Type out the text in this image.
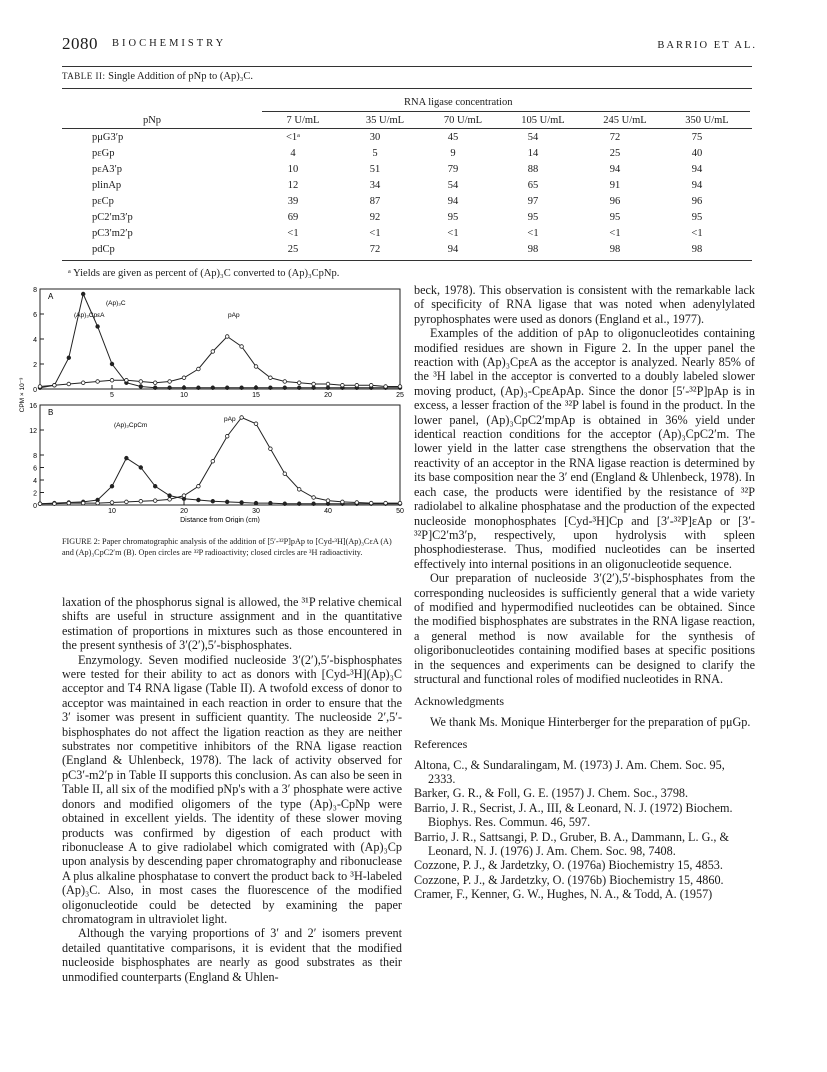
2080 BIOCHEMISTRY	BARRIO ET AL.
TABLE II: Single Addition of pNp to (Ap)₃C.
RNA ligase concentration
pNp	7 U/mL	35 U/mL	70 U/mL	105 U/mL	245 U/mL	350 U/mL
pμG3′p	<1ᵃ	30	45	54	72	75
pεGp	4	5	9	14	25	40
pεA3′p	10	51	79	88	94	94
plinAp	12	34	54	65	91	94
pεCp	39	87	94	97	96	96
pC2′m3′p	69	92	95	95	95	95
pC3′m2′p	<1	<1	<1	<1	<1	<1
pdCp	25	72	94	98	98	98
ᵃ Yields are given as percent of (Ap)₃C converted to (Ap)₃CpNp.
8
6
4
2
0
5	10	15	20	25
A
16
12
8
6
4
2
0
10	20	30	40	50
B
(Ap)₃C
(Ap)₃CpεA	pAp
(Ap)₃CpCm
pAp
CPM × 10⁻³
Distance from Origin (cm)
FIGURE 2: Paper chromatographic analysis of the addition of [5′-³²P]pAp to [Cyd-³H](Ap)₃CεA (A) and (Ap)₃CpC2′m (B). Open circles are ³²P radioactivity; closed circles are ³H radioactivity.

laxation of the phosphorus signal is allowed, the ³¹P relative chemical shifts are useful in structure assignment and in the quantitative estimation of proportions in mixtures such as those encountered in the present synthesis of 3′(2′),5′-bisphosphates.

Enzymology. Seven modified nucleoside 3′(2′),5′-bisphosphates were tested for their ability to act as donors with [Cyd-³H](Ap)₃C acceptor and T4 RNA ligase (Table II). A twofold excess of donor to acceptor was maintained in each reaction in order to ensure that the 3′ isomer was present in sufficient quantity. The nucleoside 2′,5′-bisphosphates do not affect the ligation reaction as they are neither substrates nor competitive inhibitors of the RNA ligase reaction (England & Uhlenbeck, 1978). The lack of activity observed for pC3′-m2′p in Table II supports this conclusion. As can also be seen in Table II, all six of the modified pNp's with a 3′ phosphate were active donors and modified oligomers of the type (Ap)₃-CpNp were obtained in excellent yields. The identity of these slower moving products was confirmed by digestion of each product with ribonuclease A to give radiolabel which comigrated with (Ap)₃Cp upon analysis by descending paper chromatography and ribonuclease A plus alkaline phosphatase to convert the product back to ³H-labeled (Ap)₃C. Also, in most cases the fluorescence of the modified oligonucleotide could be detected by examining the paper chromatogram in ultraviolet light.

Although the varying proportions of 3′ and 2′ isomers prevent detailed quantitative comparisons, it is evident that the modified nucleoside bisphosphates are nearly as good substrates as their unmodified counterparts (England & Uhlen-

beck, 1978). This observation is consistent with the remarkable lack of specificity of RNA ligase that was noted when adenylylated pyrophosphates were used as donors (England et al., 1977).

Examples of the addition of pAp to oligonucleotides containing modified residues are shown in Figure 2. In the upper panel the reaction with (Ap)₃CpεA as the acceptor is analyzed. Nearly 85% of the ³H label in the acceptor is converted to a doubly labeled slower moving product, (Ap)₃-CpεApAp. Since the donor [5′-³²P]pAp is in excess, a lesser fraction of the ³²P label is found in the product. In the lower panel, (Ap)₃CpC2′mpAp is obtained in 36% yield under identical reaction conditions for the acceptor (Ap)₃CpC2′m. The lower yield in the latter case strengthens the observation that the reactivity of an acceptor in the RNA ligase reaction is determined by its base composition near the 3′ end (England & Uhlenbeck, 1978). In each case, the products were identified by the resistance of ³²P radiolabel to alkaline phosphatase and the production of the expected nucleoside monophosphates [Cyd-³H]Cp and [3′-³²P]εAp or [3′-³²P]C2′m3′p, respectively, upon hydrolysis with spleen phosphodiesterase. Thus, modified nucleotides can be inserted effectively into internal positions in an oligonucleotide sequence.

Our preparation of nucleoside 3′(2′),5′-bisphosphates from the corresponding nucleosides is sufficiently general that a wide variety of modified and hypermodified nucleotides can be obtained. Since the modified bisphosphates are substrates in the RNA ligase reaction, a general method is now available for the synthesis of oligoribonucleotides containing modified bases at specific positions in the sequences and experiments can be designed to clarify the structural and functional roles of modified nucleotides in RNA.

Acknowledgments

We thank Ms. Monique Hinterberger for the preparation of pμGp.

References

Altona, C., & Sundaralingam, M. (1973) J. Am. Chem. Soc. 95, 2333.

Barker, G. R., & Foll, G. E. (1957) J. Chem. Soc., 3798.

Barrio, J. R., Secrist, J. A., III, & Leonard, N. J. (1972) Biochem. Biophys. Res. Commun. 46, 597.

Barrio, J. R., Sattsangi, P. D., Gruber, B. A., Dammann, L. G., & Leonard, N. J. (1976) J. Am. Chem. Soc. 98, 7408.

Cozzone, P. J., & Jardetzky, O. (1976a) Biochemistry 15, 4853.

Cozzone, P. J., & Jardetzky, O. (1976b) Biochemistry 15, 4860.

Cramer, F., Kenner, G. W., Hughes, N. A., & Todd, A. (1957)
